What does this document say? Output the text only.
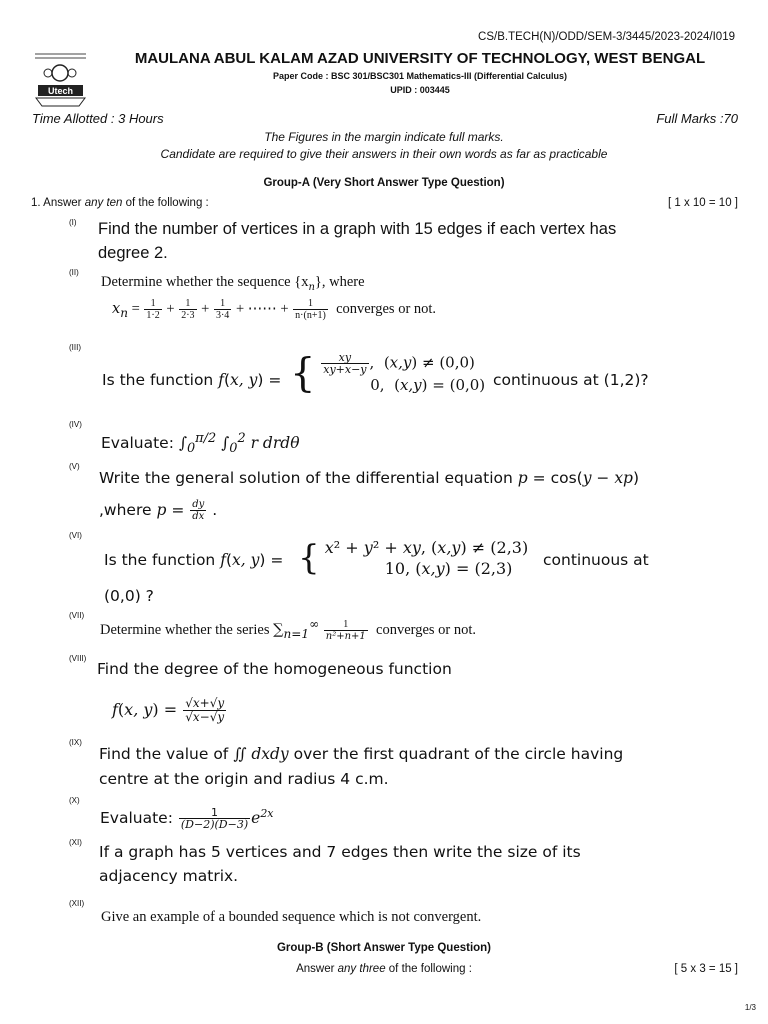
CS/B.TECH(N)/ODD/SEM-3/3445/2023-2024/I019
Utech
MAULANA ABUL KALAM AZAD UNIVERSITY OF TECHNOLOGY, WEST BENGAL
Paper Code : BSC 301/BSC301 Mathematics-III (Differential Calculus)
UPID : 003445
Time Allotted : 3 Hours	Full Marks :70
The Figures in the margin indicate full marks.
Candidate are required to give their answers in their own words as far as practicable
Group-A (Very Short Answer Type Question)
1. Answer any ten of the following :	[ 1 x 10 = 10 ]
(I)
(II)
(III)
(IV)
(V)
(VI)
(VII)
(VIII)
(IX)
(X)
(XI)
(XII)
Find the number of vertices in a graph with 15 edges if each vertex has degree 2.
Determine whether the sequence $\{x_n\}$, where
$x_n = \frac{1}{1\cdot 2} + \frac{1}{2\cdot 3} + \frac{1}{3\cdot 4}$ + ⋯⋯ + $\frac{1}{n\cdot(n+1)}$ converges or not.
Is the function f(x, y) = { $\frac{xy}{xy+x-y}$ ,  (x,y) ≠ (0,0)
0,  (x,y) = (0,0) continuous at (1,2)?
Evaluate: $\int_0^{\pi/2}$ $\int_0^2$ r drdθ
Write the general solution of the differential equation p = cos(y − xp)
,where $p = \frac{dy}{dx}$ .
Is the function f(x, y) = { x² + y² + xy, (x,y) ≠ (2,3)
10, (x,y) = (2,3)	continuous at
(0,0) ?
Determine whether the series $\sum_{n=1}^\infty \frac{1}{\text{n²+n+1}}$ converges or not.
Find the degree of the homogeneous function
f(x, $y) = \frac{√x+√y}{√x-√y}$
Find the value of ∬ dxdy over the first quadrant of the circle having
centre at the origin and radius 4 c.m.
Evaluate: $\frac{1}{(D-2)(D-3)} e^{2x}$
If a graph has 5 vertices and 7 edges then write the size of its adjacency matrix.
Give an example of a bounded sequence which is not convergent.
Group-B (Short Answer Type Question)
Answer any three of the following :	[ 5 x 3 = 15 ]
1/3
